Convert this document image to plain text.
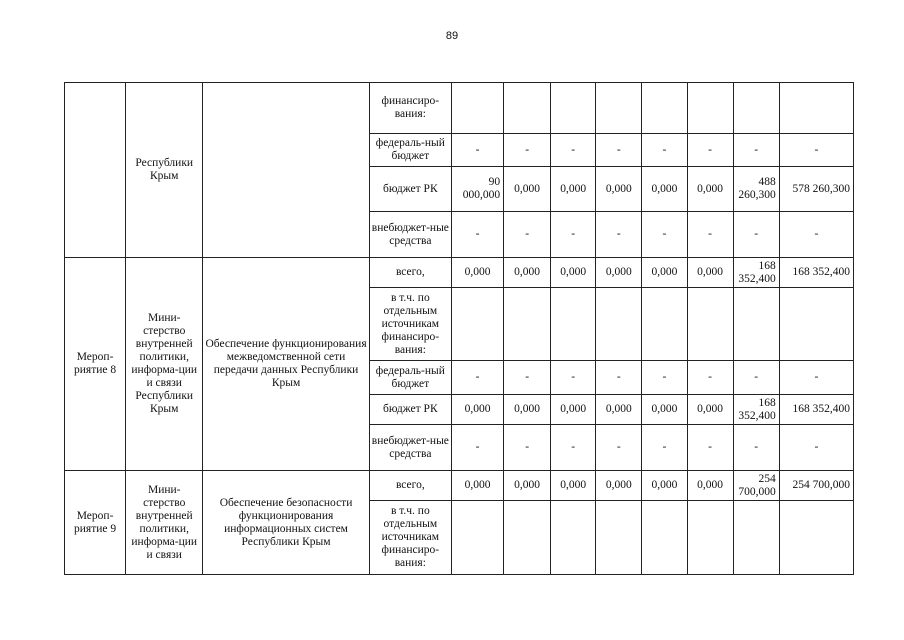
89
	Республики Крым		финансиро-вания:								
			федераль-ный бюджет	-	-	-	-	-	-	-	-
			бюджет РК	90 000,000	0,000	0,000	0,000	0,000	0,000	488 260,300	578 260,300
			внебюджет-ные средства	-	-	-	-	-	-	-	-
Мероп-риятие 8	Мини-стерство внутренней политики, информа-ции и связи Республики Крым	Обеспечение функционирования межведомственной сети передачи данных Республики Крым	всего,	0,000	0,000	0,000	0,000	0,000	0,000	168 352,400	168 352,400
			в т.ч. по отдельным источникам финансиро-вания:								
			федераль-ный бюджет	-	-	-	-	-	-	-	-
			бюджет РК	0,000	0,000	0,000	0,000	0,000	0,000	168 352,400	168 352,400
			внебюджет-ные средства	-	-	-	-	-	-	-	-
Мероп-риятие 9	Мини-стерство внутренней политики, информа-ции и связи	Обеспечение безопасности функционирования информационных систем Республики Крым	всего,	0,000	0,000	0,000	0,000	0,000	0,000	254 700,000	254 700,000
			в т.ч. по отдельным источникам финансиро-вания:								
